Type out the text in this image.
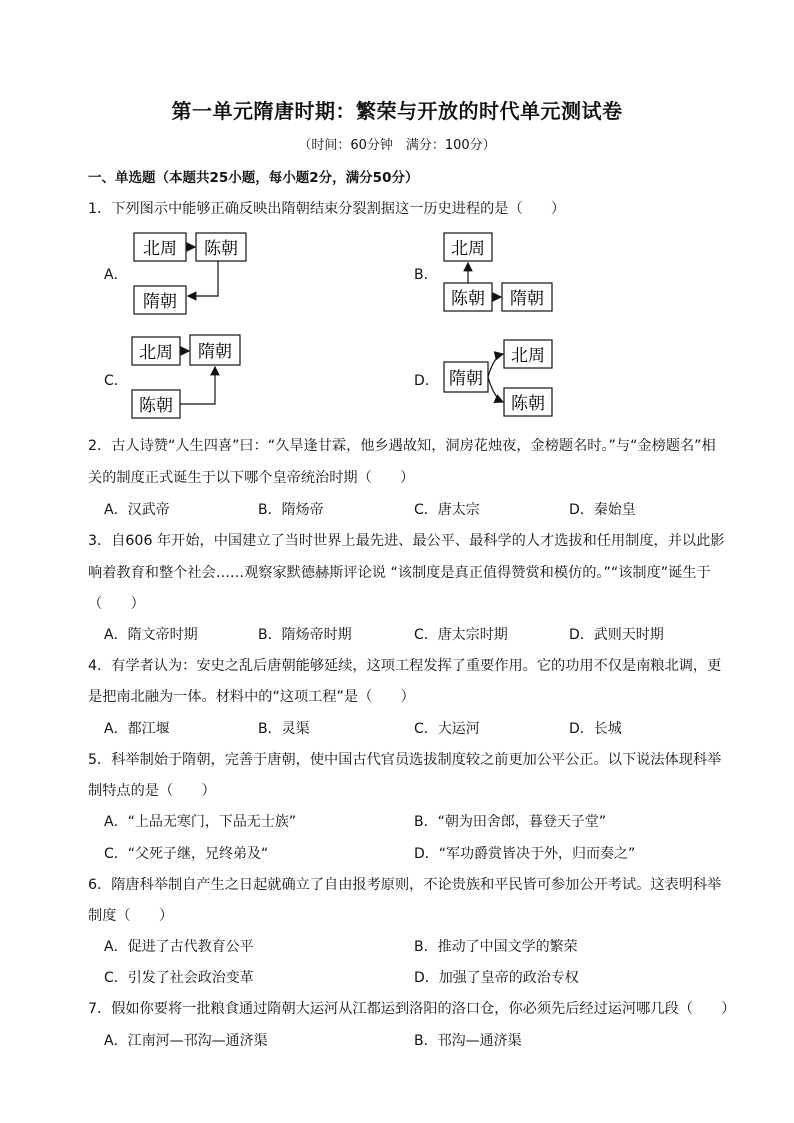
第一单元隋唐时期：繁荣与开放的时代单元测试卷
（时间：60分钟　满分：100分）
一、单选题（本题共25小题，每小题2分，满分50分）
1．下列图示中能够正确反映出隋朝结束分裂割据这一历史进程的是（　　）
A．
北周 陈朝
隋朝
B．
北周
陈朝 隋朝
C．
北周 隋朝
陈朝
D． 隋朝
北周
陈朝
2．古人诗赞“人生四喜”曰：“久旱逢甘霖，他乡遇故知，洞房花烛夜，金榜题名时。”与“金榜题名”相
关的制度正式诞生于以下哪个皇帝统治时期（　　）
A．汉武帝	B．隋炀帝	C．唐太宗	D．秦始皇
3．自606 年开始，中国建立了当时世界上最先进、最公平、最科学的人才选拔和任用制度，并以此影
响着教育和整个社会……观察家默德赫斯评论说 “该制度是真正值得赞赏和模仿的。”“该制度”诞生于
（　　）
A．隋文帝时期	B．隋炀帝时期	C．唐太宗时期	D．武则天时期
4．有学者认为：安史之乱后唐朝能够延续，这项工程发挥了重要作用。它的功用不仅是南粮北调，更
是把南北融为一体。材料中的“这项工程”是（　　）
A．都江堰	B．灵渠	C．大运河	D．长城
5．科举制始于隋朝，完善于唐朝，使中国古代官员选拔制度较之前更加公平公正。以下说法体现科举
制特点的是（　　）
A．“上品无寒门，下品无士族”	B．“朝为田舍郎，暮登天子堂”
C．“父死子继，兄终弟及“	D．“军功爵赏皆决于外，归而奏之”
6．隋唐科举制自产生之日起就确立了自由报考原则，不论贵族和平民皆可参加公开考试。这表明科举
制度（　　）
A．促进了古代教育公平	B．推动了中国文学的繁荣
C．引发了社会政治变革	D．加强了皇帝的政治专权
7．假如你要将一批粮食通过隋朝大运河从江都运到洛阳的洛口仓，你必须先后经过运河哪几段（　　）
A．江南河—邗沟—通济渠	B．邗沟—通济渠
